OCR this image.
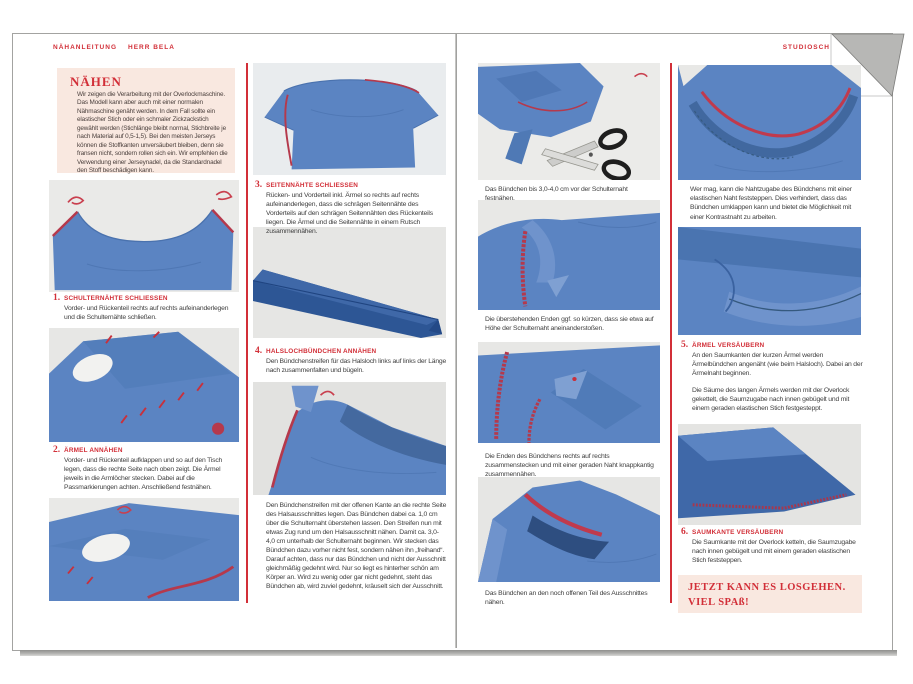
NÄHANLEITUNG HERR BELA	STUDIOSCH
NÄHEN
Wir zeigen die Verarbeitung mit der Overlockmaschine. Das Modell kann aber auch mit einer normalen Nähmaschine genäht werden. In dem Fall sollte ein elastischer Stich oder ein schmaler Zickzackstich gewählt werden (Stichlänge bleibt normal, Stichbreite je nach Material auf 0,5-1,5). Bei den meisten Jerseys können die Stoffkanten unversäubert bleiben, denn sie fransen nicht, sondern rollen sich ein. Wir empfehlen die Verwendung einer Jerseynadel, da die Standardnadel den Stoff beschädigen kann.
1. SCHULTERNÄHTE SCHLIESSEN
Vorder- und Rückenteil rechts auf rechts aufeinanderlegen und die Schulternähte schließen.
2. ÄRMEL ANNÄHEN
Vorder- und Rückenteil aufklappen und so auf den Tisch legen, dass die rechte Seite nach oben zeigt. Die Ärmel jeweils in die Armlöcher stecken. Dabei auf die Passmarkierungen achten. Anschließend festnähen.
3. SEITENNÄHTE SCHLIESSEN
Rücken- und Vorderteil inkl. Ärmel so rechts auf rechts aufeinanderlegen, dass die schrägen Seitennähte des Vorderteils auf den schrägen Seitennähten des Rückenteils liegen. Die Ärmel und die Seitennähte in einem Rutsch zusammennähen.
4. HALSLOCHBÜNDCHEN ANNÄHEN
Den Bündchenstreifen für das Halsloch links auf links der Länge nach zusammenfalten und bügeln.
Den Bündchenstreifen mit der offenen Kante an die rechte Seite des Halsausschnittes legen. Das Bündchen dabei ca. 1,0 cm über die Schulternaht überstehen lassen. Den Streifen nun mit etwas Zug rund um den Halsausschnitt nähen. Damit ca. 3,0-4,0 cm unterhalb der Schulternaht beginnen. Wir stecken das Bündchen dazu vorher nicht fest, sondern nähen ihn „freihand“. Darauf achten, dass nur das Bündchen und nicht der Ausschnitt gleichmäßig gedehnt wird. Nur so liegt es hinterher schön am Körper an. Wird zu wenig oder gar nicht gedehnt, steht das Bündchen ab, wird zuviel gedehnt, kräuselt sich der Ausschnitt.
Das Bündchen bis 3,0-4,0 cm vor der Schulternaht festnähen.
Die überstehenden Enden ggf. so kürzen, dass sie etwa auf Höhe der Schulternaht aneinanderstoßen.
Die Enden des Bündchens rechts auf rechts zusammenstecken und mit einer geraden Naht knappkantig zusammennähen.
Das Bündchen an den noch offenen Teil des Ausschnittes nähen.
Wer mag, kann die Nahtzugabe des Bündchens mit einer elastischen Naht feststeppen. Dies verhindert, dass das Bündchen umklappen kann und bietet die Möglichkeit mit einer Kontrastnaht zu arbeiten.
5. ÄRMEL VERSÄUBERN
An den Saumkanten der kurzen Ärmel werden Ärmelbündchen angenäht (wie beim Halsloch). Dabei an der Ärmelnaht beginnen.
Die Säume des langen Ärmels werden mit der Overlock gekettelt, die Saumzugabe nach innen gebügelt und mit einem geraden elastischen Stich festgesteppt.
6. SAUMKANTE VERSÄUBERN
Die Saumkante mit der Overlock ketteln, die Saumzugabe nach innen gebügelt und mit einem geraden elastischen Stich feststeppen.
JETZT KANN ES LOSGEHEN.
VIEL SPAß!
